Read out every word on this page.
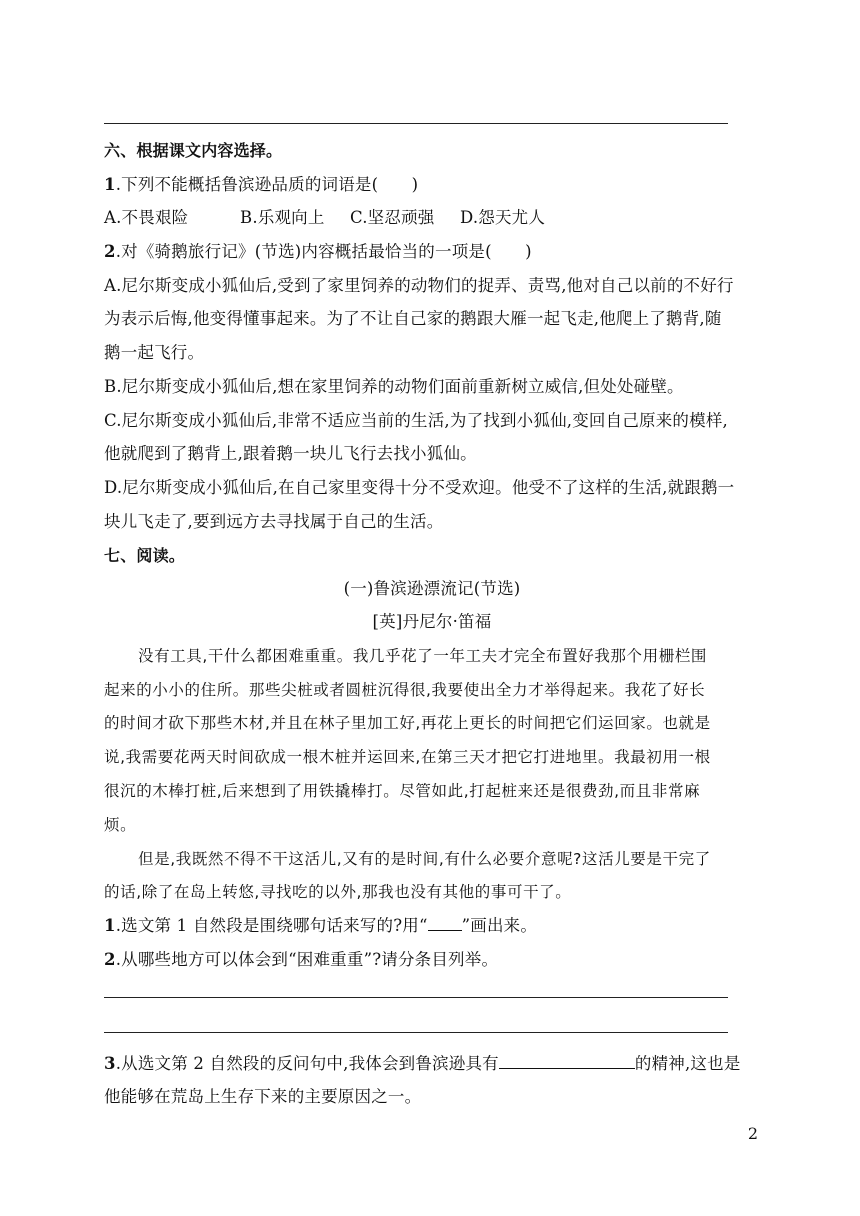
六、根据课文内容选择。
1.下列不能概括鲁滨逊品质的词语是(　　)
A.不畏艰险	B.乐观向上 C.坚忍顽强 D.怨天尤人
2.对《骑鹅旅行记》(节选)内容概括最恰当的一项是(　　)
A.尼尔斯变成小狐仙后,受到了家里饲养的动物们的捉弄、责骂,他对自己以前的不好行
为表示后悔,他变得懂事起来。为了不让自己家的鹅跟大雁一起飞走,他爬上了鹅背,随
鹅一起飞行。
B.尼尔斯变成小狐仙后,想在家里饲养的动物们面前重新树立威信,但处处碰壁。
C.尼尔斯变成小狐仙后,非常不适应当前的生活,为了找到小狐仙,变回自己原来的模样,
他就爬到了鹅背上,跟着鹅一块儿飞行去找小狐仙。
D.尼尔斯变成小狐仙后,在自己家里变得十分不受欢迎。他受不了这样的生活,就跟鹅一
块儿飞走了,要到远方去寻找属于自己的生活。
七、阅读。
(一)鲁滨逊漂流记(节选)
[英]丹尼尔·笛福
没有工具,干什么都困难重重。我几乎花了一年工夫才完全布置好我那个用栅栏围
起来的小小的住所。那些尖桩或者圆桩沉得很,我要使出全力才举得起来。我花了好长
的时间才砍下那些木材,并且在林子里加工好,再花上更长的时间把它们运回家。也就是
说,我需要花两天时间砍成一根木桩并运回来,在第三天才把它打进地里。我最初用一根
很沉的木棒打桩,后来想到了用铁撬棒打。尽管如此,打起桩来还是很费劲,而且非常麻
烦。
但是,我既然不得不干这活儿,又有的是时间,有什么必要介意呢?这活儿要是干完了
的话,除了在岛上转悠,寻找吃的以外,那我也没有其他的事可干了。
1.选文第 1 自然段是围绕哪句话来写的?用“ ”画出来。
2.从哪些地方可以体会到“困难重重”?请分条目列举。
3.从选文第 2 自然段的反问句中,我体会到鲁滨逊具有	的精神,这也是
他能够在荒岛上生存下来的主要原因之一。
2
